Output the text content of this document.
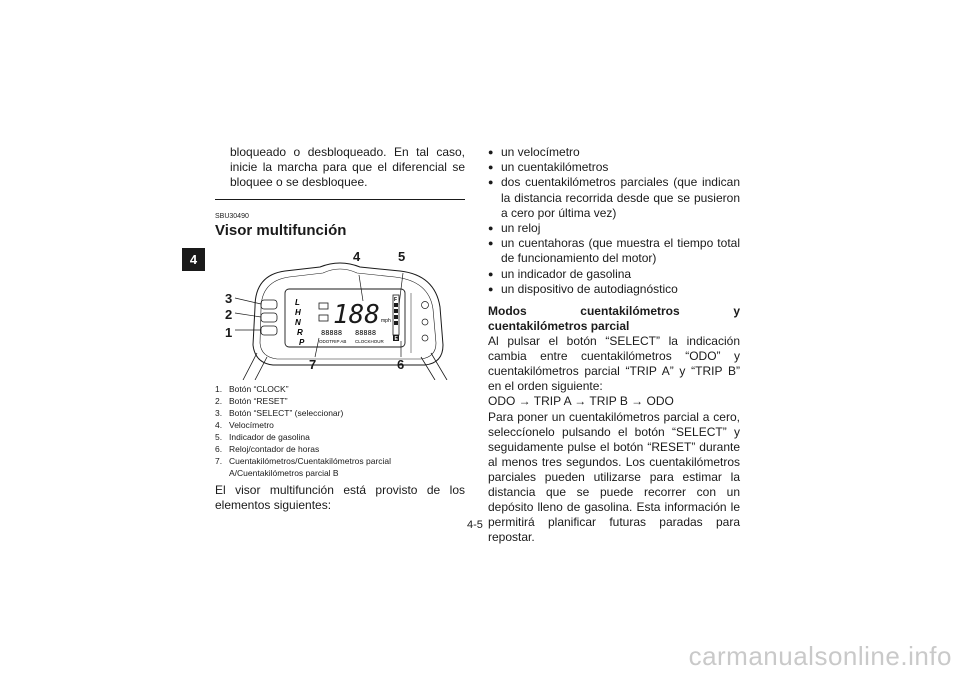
4

bloqueado o desbloqueado. En tal caso, inicie la marcha para que el diferencial se bloquee o se desbloquee.

SBU30490
Visor multifunción
L
H
N
R
P
188 mph
88888 88888
ODOTRIP AB CLOCKHOUR
F
E
3
2
1
4	5
6
7
1. Botón “CLOCK”
2. Botón “RESET”
3. Botón “SELECT” (seleccionar)
4. Velocímetro
5. Indicador de gasolina
6. Reloj/contador de horas
7. Cuentakilómetros/Cuentakilómetros parcial A/Cuentakilómetros parcial B

El visor multifunción está provisto de los elementos siguientes:

● un velocímetro
● un cuentakilómetros
● dos cuentakilómetros parciales (que indican la distancia recorrida desde que se pusieron a cero por última vez)
● un reloj
● un cuentahoras (que muestra el tiempo total de funcionamiento del motor)
● un indicador de gasolina
● un dispositivo de autodiagnóstico

Modos cuentakilómetros y cuentakilómetros parcial

Al pulsar el botón “SELECT” la indicación cambia entre cuentakilómetros “ODO” y cuentakilómetros parcial “TRIP A” y “TRIP B” en el orden siguiente:

ODO → TRIP A → TRIP B → ODO

Para poner un cuentakilómetros parcial a cero, seleccíonelo pulsando el botón “SELECT” y seguidamente pulse el botón “RESET” durante al menos tres segundos. Los cuentakilómetros parciales pueden utilizarse para estimar la distancia que se puede recorrer con un depósito lleno de gasolina. Esta información le permitirá planificar futuras paradas para repostar.

4-5
carmanualsonline.info
